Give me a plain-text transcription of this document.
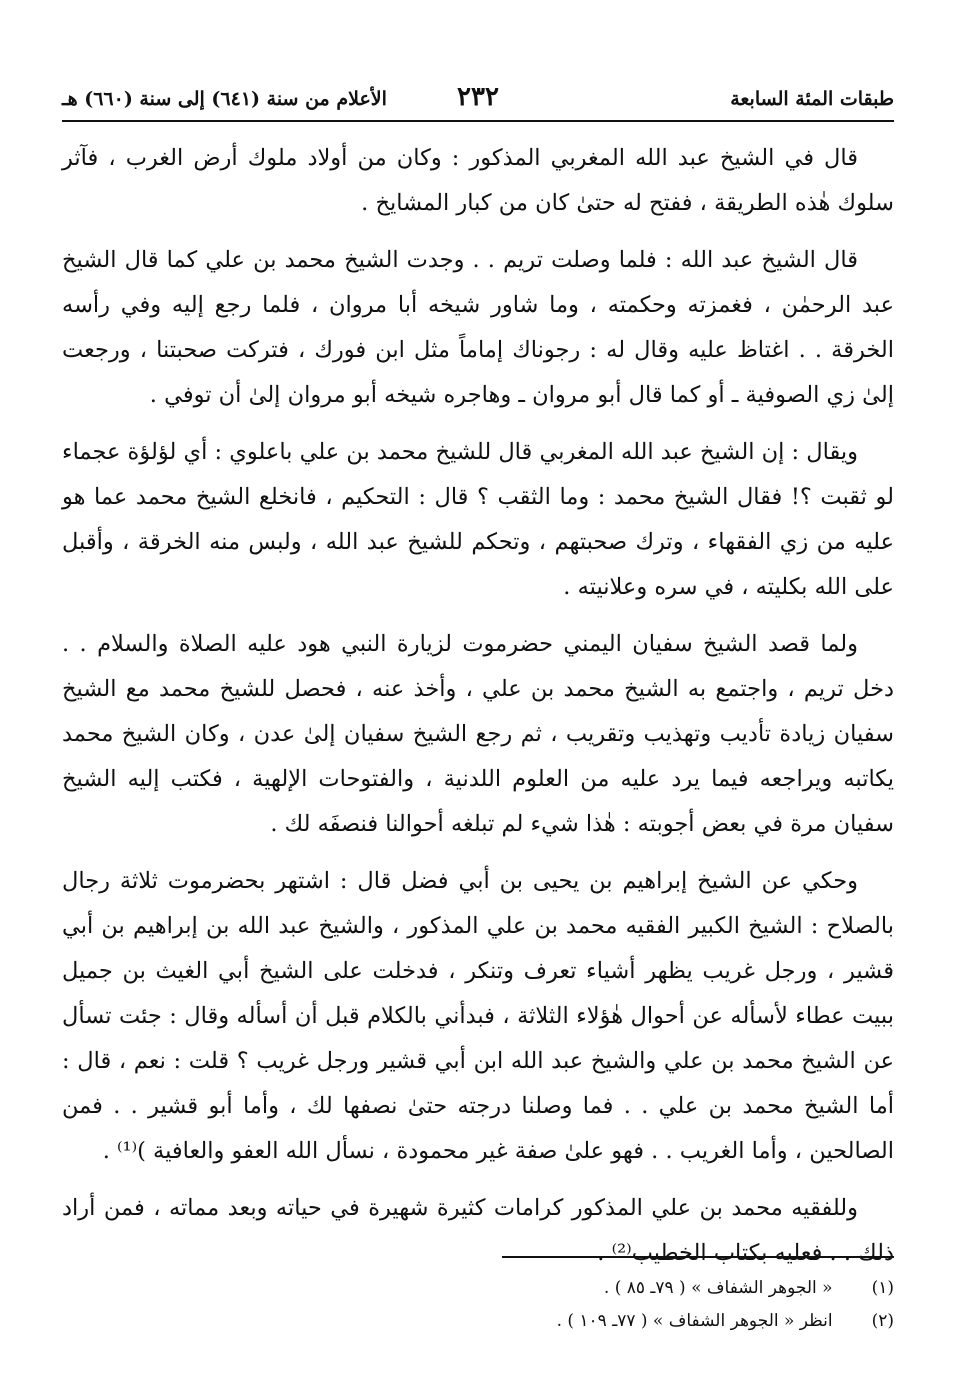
طبقات المئة السابعة
٢٣٢
الأعلام من سنة (٦٤١) إلى سنة (٦٦٠) هـ

قال في الشيخ عبد الله المغربي المذكور : وكان من أولاد ملوك أرض الغرب ، فآثر سلوك هٰذه الطريقة ، ففتح له حتىٰ كان من كبار المشايخ .

قال الشيخ عبد الله : فلما وصلت تريم . . وجدت الشيخ محمد بن علي كما قال الشيخ عبد الرحمٰن ، فغمزته وحكمته ، وما شاور شيخه أبا مروان ، فلما رجع إليه وفي رأسه الخرقة . . اغتاظ عليه وقال له : رجوناك إماماً مثل ابن فورك ، فتركت صحبتنا ، ورجعت إلىٰ زي الصوفية ـ أو كما قال أبو مروان ـ وهاجره شيخه أبو مروان إلىٰ أن توفي .

ويقال : إن الشيخ عبد الله المغربي قال للشيخ محمد بن علي باعلوي : أي لؤلؤة عجماء لو ثقبت ؟! فقال الشيخ محمد : وما الثقب ؟ قال : التحكيم ، فانخلع الشيخ محمد عما هو عليه من زي الفقهاء ، وترك صحبتهم ، وتحكم للشيخ عبد الله ، ولبس منه الخرقة ، وأقبل على الله بكليته ، في سره وعلانيته .

ولما قصد الشيخ سفيان اليمني حضرموت لزيارة النبي هود عليه الصلاة والسلام . . دخل تريم ، واجتمع به الشيخ محمد بن علي ، وأخذ عنه ، فحصل للشيخ محمد مع الشيخ سفيان زيادة تأديب وتهذيب وتقريب ، ثم رجع الشيخ سفيان إلىٰ عدن ، وكان الشيخ محمد يكاتبه ويراجعه فيما يرد عليه من العلوم اللدنية ، والفتوحات الإلهية ، فكتب إليه الشيخ سفيان مرة في بعض أجوبته : هٰذا شيء لم تبلغه أحوالنا فنصفَه لك .

وحكي عن الشيخ إبراهيم بن يحيى بن أبي فضل قال : اشتهر بحضرموت ثلاثة رجال بالصلاح : الشيخ الكبير الفقيه محمد بن علي المذكور ، والشيخ عبد الله بن إبراهيم بن أبي قشير ، ورجل غريب يظهر أشياء تعرف وتنكر ، فدخلت على الشيخ أبي الغيث بن جميل ببيت عطاء لأسأله عن أحوال هٰؤلاء الثلاثة ، فبدأني بالكلام قبل أن أسأله وقال : جئت تسأل عن الشيخ محمد بن علي والشيخ عبد الله ابن أبي قشير ورجل غريب ؟ قلت : نعم ، قال : أما الشيخ محمد بن علي . . فما وصلنا درجته حتىٰ نصفها لك ، وأما أبو قشير . . فمن الصالحين ، وأما الغريب . . فهو علىٰ صفة غير محمودة ، نسأل الله العفو والعافية )⁽¹⁾ .

وللفقيه محمد بن علي المذكور كرامات كثيرة شهيرة في حياته وبعد مماته ، فمن أراد ذلك . . فعليه بكتاب الخطيب⁽²⁾ .

(١) « الجوهر الشفاف » ( ٧٩ـ ٨٥ ) .

(٢) انظر « الجوهر الشفاف » ( ٧٧ـ ١٠٩ ) .
